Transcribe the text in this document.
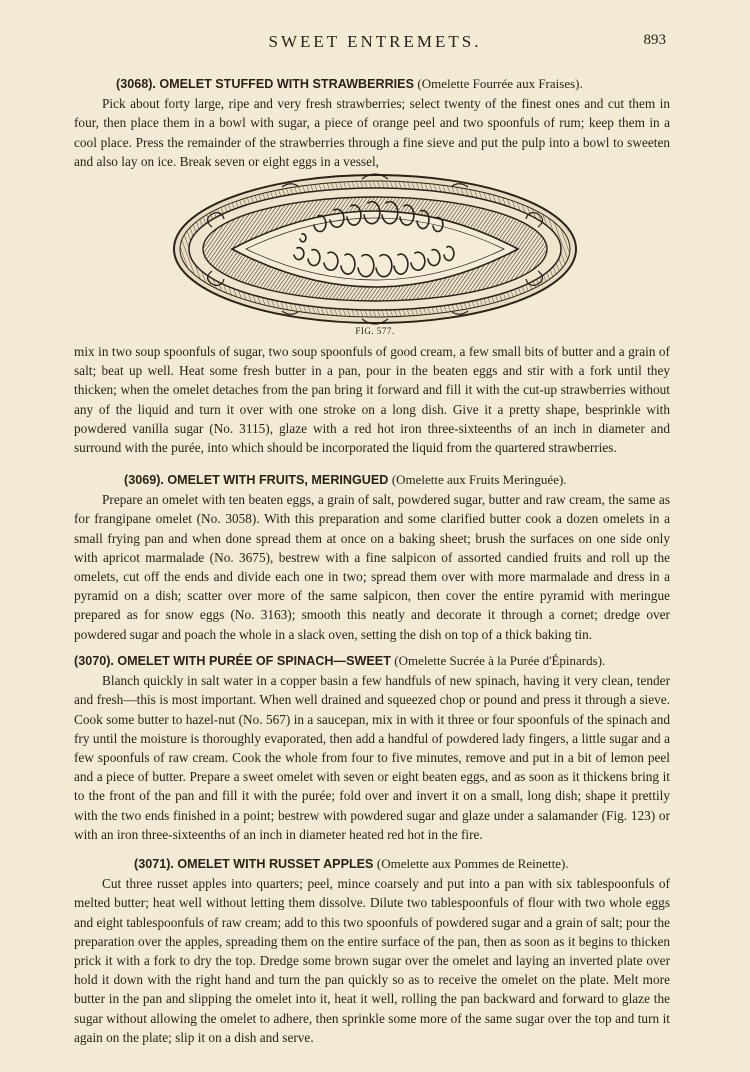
SWEET ENTREMETS.	893

(3068). OMELET STUFFED WITH STRAWBERRIES (Omelette Fourrée aux Fraises).

Pick about forty large, ripe and very fresh strawberries; select twenty of the finest ones and cut them in four, then place them in a bowl with sugar, a piece of orange peel and two spoonfuls of rum; keep them in a cool place. Press the remainder of the strawberries through a fine sieve and put the pulp into a bowl to sweeten and also lay on ice. Break seven or eight eggs in a vessel,

FIG. 577.

mix in two soup spoonfuls of sugar, two soup spoonfuls of good cream, a few small bits of butter and a grain of salt; beat up well. Heat some fresh butter in a pan, pour in the beaten eggs and stir with a fork until they thicken; when the omelet detaches from the pan bring it forward and fill it with the cut-up strawberries without any of the liquid and turn it over with one stroke on a long dish. Give it a pretty shape, besprinkle with powdered vanilla sugar (No. 3115), glaze with a red hot iron three-sixteenths of an inch in diameter and surround with the purée, into which should be incorporated the liquid from the quartered strawberries.

(3069). OMELET WITH FRUITS, MERINGUED (Omelette aux Fruits Meringuée).

Prepare an omelet with ten beaten eggs, a grain of salt, powdered sugar, butter and raw cream, the same as for frangipane omelet (No. 3058). With this preparation and some clarified butter cook a dozen omelets in a small frying pan and when done spread them at once on a baking sheet; brush the surfaces on one side only with apricot marmalade (No. 3675), bestrew with a fine salpicon of assorted candied fruits and roll up the omelets, cut off the ends and divide each one in two; spread them over with more marmalade and dress in a pyramid on a dish; scatter over more of the same salpicon, then cover the entire pyramid with meringue prepared as for snow eggs (No. 3163); smooth this neatly and decorate it through a cornet; dredge over powdered sugar and poach the whole in a slack oven, setting the dish on top of a thick baking tin.

(3070). OMELET WITH PURÉE OF SPINACH—SWEET (Omelette Sucrée à la Purée d'Épinards).

Blanch quickly in salt water in a copper basin a few handfuls of new spinach, having it very clean, tender and fresh—this is most important. When well drained and squeezed chop or pound and press it through a sieve. Cook some butter to hazel-nut (No. 567) in a saucepan, mix in with it three or four spoonfuls of the spinach and fry until the moisture is thoroughly evaporated, then add a handful of powdered lady fingers, a little sugar and a few spoonfuls of raw cream. Cook the whole from four to five minutes, remove and put in a bit of lemon peel and a piece of butter. Prepare a sweet omelet with seven or eight beaten eggs, and as soon as it thickens bring it to the front of the pan and fill it with the purée; fold over and invert it on a small, long dish; shape it prettily with the two ends finished in a point; bestrew with powdered sugar and glaze under a salamander (Fig. 123) or with an iron three-sixteenths of an inch in diameter heated red hot in the fire.

(3071). OMELET WITH RUSSET APPLES (Omelette aux Pommes de Reinette).

Cut three russet apples into quarters; peel, mince coarsely and put into a pan with six tablespoonfuls of melted butter; heat well without letting them dissolve. Dilute two tablespoonfuls of flour with two whole eggs and eight tablespoonfuls of raw cream; add to this two spoonfuls of powdered sugar and a grain of salt; pour the preparation over the apples, spreading them on the entire surface of the pan, then as soon as it begins to thicken prick it with a fork to dry the top. Dredge some brown sugar over the omelet and laying an inverted plate over hold it down with the right hand and turn the pan quickly so as to receive the omelet on the plate. Melt more butter in the pan and slipping the omelet into it, heat it well, rolling the pan backward and forward to glaze the sugar without allowing the omelet to adhere, then sprinkle some more of the same sugar over the top and turn it again on the plate; slip it on a dish and serve.
